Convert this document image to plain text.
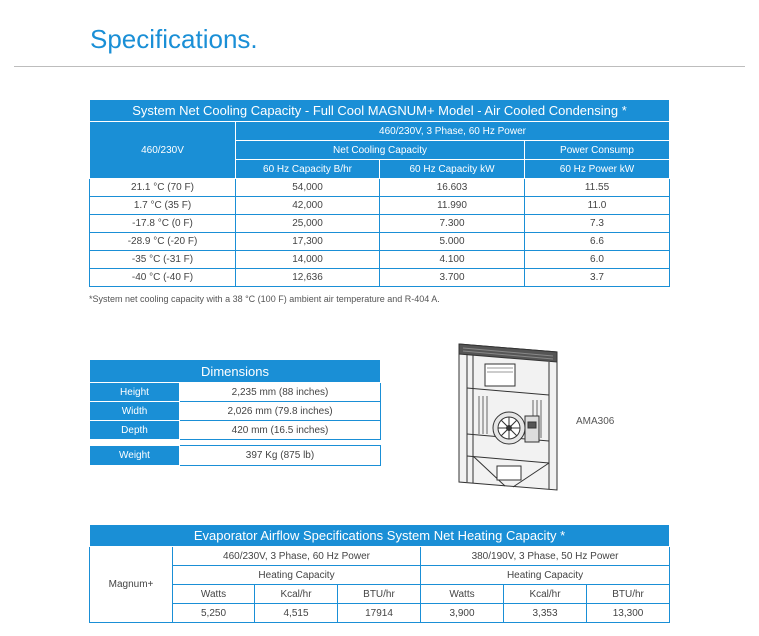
Specifications.
System Net Cooling Capacity - Full Cool MAGNUM+ Model - Air Cooled Condensing *			
460/230V	460/230V, 3 Phase, 60 Hz Power		
	Net Cooling Capacity		Power Consump
	60 Hz Capacity B/hr	60 Hz Capacity kW	60 Hz Power kW
21.1 °C (70 F)	54,000	16.603	11.55
1.7 °C (35 F)	42,000	11.990	11.0
-17.8 °C (0 F)	25,000	7.300	7.3
-28.9 °C (-20 F)	17,300	5.000	6.6
-35 °C (-31 F)	14,000	4.100	6.0
-40 °C (-40 F)	12,636	3.700	3.7
*System net cooling capacity with a 38 °C (100 F) ambient air temperature and R-404 A.
Dimensions	
Height	2,235 mm (88 inches)
Width	2,026 mm (79.8 inches)
Depth	420 mm (16.5 inches)
Weight	397 Kg (875 lb)
AMA306
Evaporator Airflow Specifications System Net Heating Capacity *						
Magnum+	460/230V, 3 Phase, 60 Hz Power			380/190V, 3 Phase, 50 Hz Power		
	Heating Capacity			Heating Capacity		
	Watts	Kcal/hr	BTU/hr	Watts	Kcal/hr	BTU/hr
	5,250	4,515	17914	3,900	3,353	13,300
